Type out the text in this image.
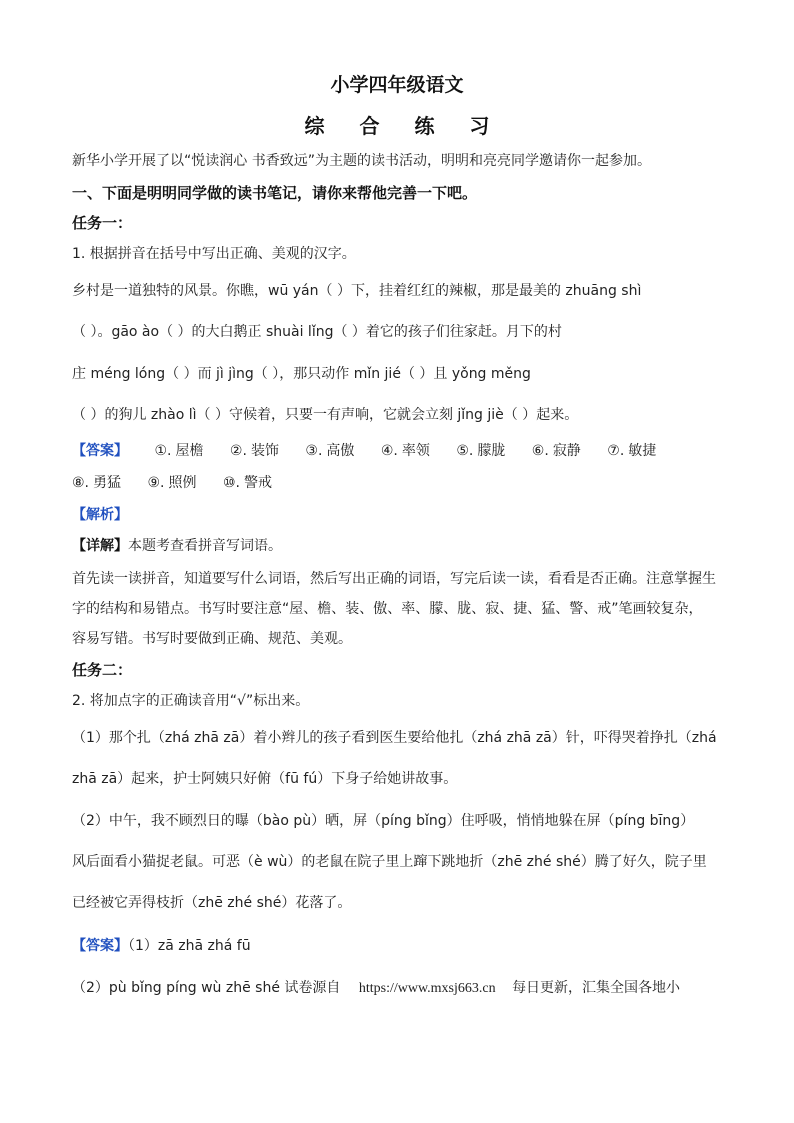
小学四年级语文
综 合 练 习
新华小学开展了以“悦读润心 书香致远”为主题的读书活动，明明和亮亮同学邀请你一起参加。
一、下面是明明同学做的读书笔记，请你来帮他完善一下吧。
任务一：
1. 根据拼音在括号中写出正确、美观的汉字。
乡村是一道独特的风景。你瞧，wū yán（ ）下，挂着红红的辣椒，那是最美的 zhuāng shì
（ ）。gāo ào（ ）的大白鹅正 shuài lǐng（ ）着它的孩子们往家赶。月下的村
庄 méng lóng（ ）而 jì jìng（ ），那只动作 mǐn jié（ ）且 yǒng měng
（ ）的狗儿 zhào lì（ ）守候着，只要一有声响，它就会立刻 jǐng jiè（ ）起来。
【答案】 ①. 屋檐 ②. 装饰 ③. 高傲 ④. 率领 ⑤. 朦胧 ⑥. 寂静 ⑦. 敏捷
⑧. 勇猛 ⑨. 照例 ⑩. 警戒
【解析】
【详解】本题考查看拼音写词语。
首先读一读拼音，知道要写什么词语，然后写出正确的词语，写完后读一读，看看是否正确。注意掌握生
字的结构和易错点。书写时要注意“屋、檐、装、傲、率、朦、胧、寂、捷、猛、警、戒”笔画较复杂，
容易写错。书写时要做到正确、规范、美观。
任务二：
2. 将加点字的正确读音用“√”标出来。
（1）那个扎（zhá zhā zā）着小辫儿的孩子看到医生要给他扎（zhá zhā zā）针，吓得哭着挣扎（zhá
zhā zā）起来，护士阿姨只好俯（fū fú）下身子给她讲故事。
（2）中午，我不顾烈日的曝（bào pù）晒，屏（píng bǐng）住呼吸，悄悄地躲在屏（píng bīng）
风后面看小猫捉老鼠。可恶（è wù）的老鼠在院子里上蹿下跳地折（zhē zhé shé）腾了好久，院子里
已经被它弄得枝折（zhē zhé shé）花落了。
【答案】（1）zā zhā zhá fū
（2）pù bǐng píng wù zhē shé 试卷源自 https://www.mxsj663.cn 每日更新，汇集全国各地小
